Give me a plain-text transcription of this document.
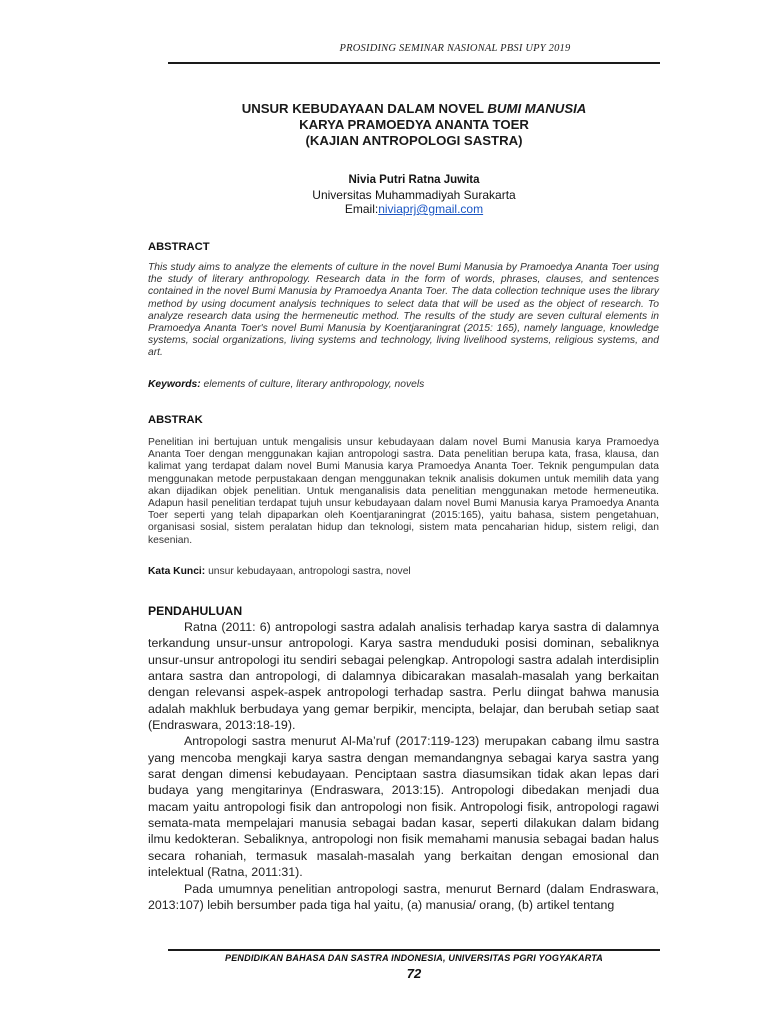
PROSIDING SEMINAR NASIONAL PBSI UPY 2019
UNSUR KEBUDAYAAN DALAM NOVEL BUMI MANUSIA
KARYA PRAMOEDYA ANANTA TOER
(KAJIAN ANTROPOLOGI SASTRA)
Nivia Putri Ratna Juwita
Universitas Muhammadiyah Surakarta
Email:niviaprj@gmail.com
ABSTRACT
This study aims to analyze the elements of culture in the novel Bumi Manusia by Pramoedya Ananta Toer using the study of literary anthropology. Research data in the form of words, phrases, clauses, and sentences contained in the novel Bumi Manusia by Pramoedya Ananta Toer. The data collection technique uses the library method by using document analysis techniques to select data that will be used as the object of research. To analyze research data using the hermeneutic method. The results of the study are seven cultural elements in Pramoedya Ananta Toer's novel Bumi Manusia by Koentjaraningrat (2015: 165), namely language, knowledge systems, social organizations, living systems and technology, living livelihood systems, religious systems, and art.
Keywords: elements of culture, literary anthropology, novels
ABSTRAK
Penelitian ini bertujuan untuk mengalisis unsur kebudayaan dalam novel Bumi Manusia karya Pramoedya Ananta Toer dengan menggunakan kajian antropologi sastra. Data penelitian berupa kata, frasa, klausa, dan kalimat yang terdapat dalam novel Bumi Manusia karya Pramoedya Ananta Toer. Teknik pengumpulan data menggunakan metode perpustakaan dengan menggunakan teknik analisis dokumen untuk memilih data yang akan dijadikan objek penelitian. Untuk menganalisis data penelitian menggunakan metode hermeneutika. Adapun hasil penelitian terdapat tujuh unsur kebudayaan dalam novel Bumi Manusia karya Pramoedya Ananta Toer seperti yang telah dipaparkan oleh Koentjaraningrat (2015:165), yaitu bahasa, sistem pengetahuan, organisasi sosial, sistem peralatan hidup dan teknologi, sistem mata pencaharian hidup, sistem religi, dan kesenian.
Kata Kunci: unsur kebudayaan, antropologi sastra, novel
PENDAHULUAN

Ratna (2011: 6) antropologi sastra adalah analisis terhadap karya sastra di dalamnya terkandung unsur-unsur antropologi. Karya sastra menduduki posisi dominan, sebaliknya unsur-unsur antropologi itu sendiri sebagai pelengkap. Antropologi sastra adalah interdisiplin antara sastra dan antropologi, di dalamnya dibicarakan masalah-masalah yang berkaitan dengan relevansi aspek-aspek antropologi terhadap sastra. Perlu diingat bahwa manusia adalah makhluk berbudaya yang gemar berpikir, mencipta, belajar, dan berubah setiap saat (Endraswara, 2013:18-19).

Antropologi sastra menurut Al-Ma’ruf (2017:119-123) merupakan cabang ilmu sastra yang mencoba mengkaji karya sastra dengan memandangnya sebagai karya sastra yang sarat dengan dimensi kebudayaan. Penciptaan sastra diasumsikan tidak akan lepas dari budaya yang mengitarinya (Endraswara, 2013:15). Antropologi dibedakan menjadi dua macam yaitu antropologi fisik dan antropologi non fisik. Antropologi fisik, antropologi ragawi semata-mata mempelajari manusia sebagai badan kasar, seperti dilakukan dalam bidang ilmu kedokteran. Sebaliknya, antropologi non fisik memahami manusia sebagai badan halus secara rohaniah, termasuk masalah-masalah yang berkaitan dengan emosional dan intelektual (Ratna, 2011:31).

Pada umumnya penelitian antropologi sastra, menurut Bernard (dalam Endraswara, 2013:107) lebih bersumber pada tiga hal yaitu, (a) manusia/ orang, (b) artikel tentang

PENDIDIKAN BAHASA DAN SASTRA INDONESIA, UNIVERSITAS PGRI YOGYAKARTA
72
